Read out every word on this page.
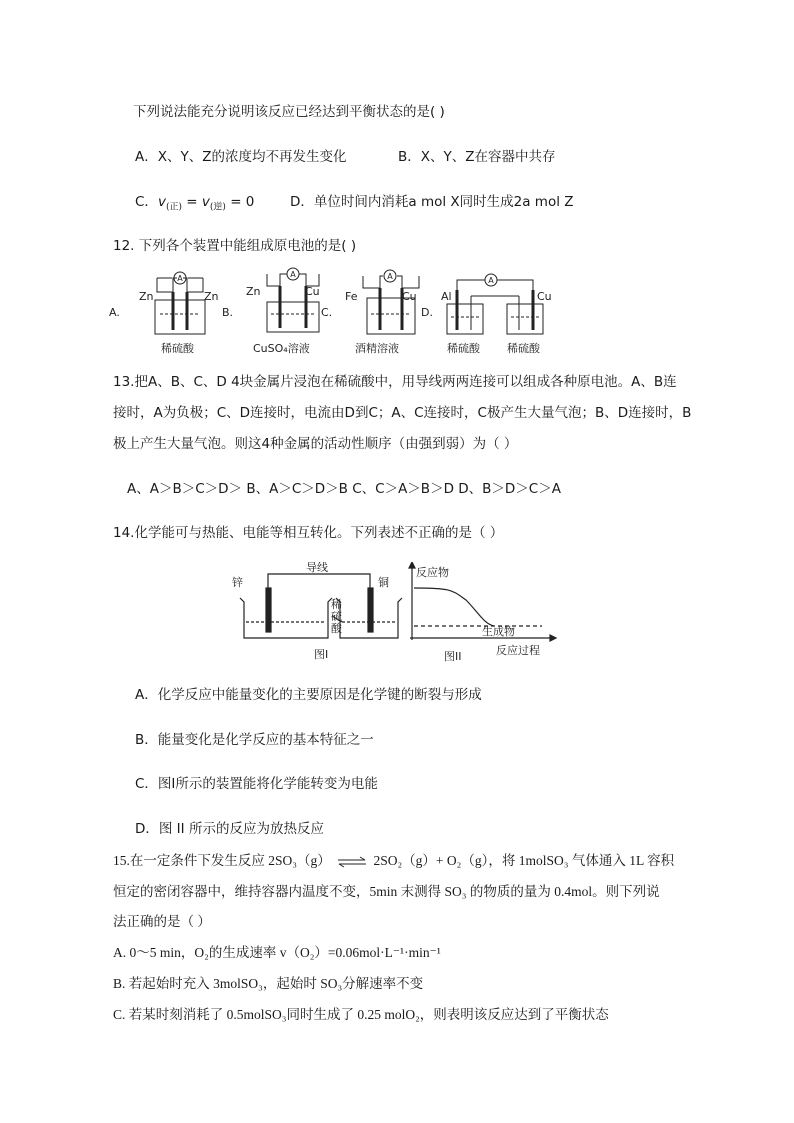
下列说法能充分说明该反应已经达到平衡状态的是( )
A．X、Y、Z的浓度均不再发生变化	B．X、Y、Z在容器中共存
C．$v_{(正)} = v_{(逆)} = 0$	D．单位时间内消耗a mol X同时生成2a mol Z
12. 下列各个装置中能组成原电池的是( )
A	A	A	A
A.	B.	C.	D.
Zn	Zn
稀硫酸
Zn	Cu
CuSO₄溶液
Fe	Cu
酒精溶液
Al	Cu
稀硫酸 稀硫酸
13.把A、B、C、D 4块金属片浸泡在稀硫酸中，用导线两两连接可以组成各种原电池。A、B连
接时，A为负极；C、D连接时，电流由D到C；A、C连接时，C极产生大量气泡；B、D连接时，B
极上产生大量气泡。则这4种金属的活动性顺序（由强到弱）为（ ）
A、A＞B＞C＞D＞ B、A＞C＞D＞B C、C＞A＞B＞D D、B＞D＞C＞A
14.化学能可与热能、电能等相互转化。下列表述不正确的是（ ）
锌
导线
铜
稀
硫
酸
图I
反应物
生成物
反应过程
图II
A．化学反应中能量变化的主要原因是化学键的断裂与形成
B．能量变化是化学反应的基本特征之一
C．图I所示的装置能将化学能转变为电能
D．图 II 所示的反应为放热反应
15.在一定条件下发生反应 2SO₃（g） ⇌ 2SO₂（g）+ O₂（g），将 1molSO₃ 气体通入 1L 容积
恒定的密闭容器中，维持容器内温度不变，5min 末测得 SO₃ 的物质的量为 0.4mol。则下列说
法正确的是（ ）
A. 0～5 min，O₂的生成速率 v（O₂）=0.06mol·L⁻¹·min⁻¹
B. 若起始时充入 3molSO₃，起始时 SO₃分解速率不变
C. 若某时刻消耗了 0.5molSO₃同时生成了 0.25 molO₂，则表明该反应达到了平衡状态
